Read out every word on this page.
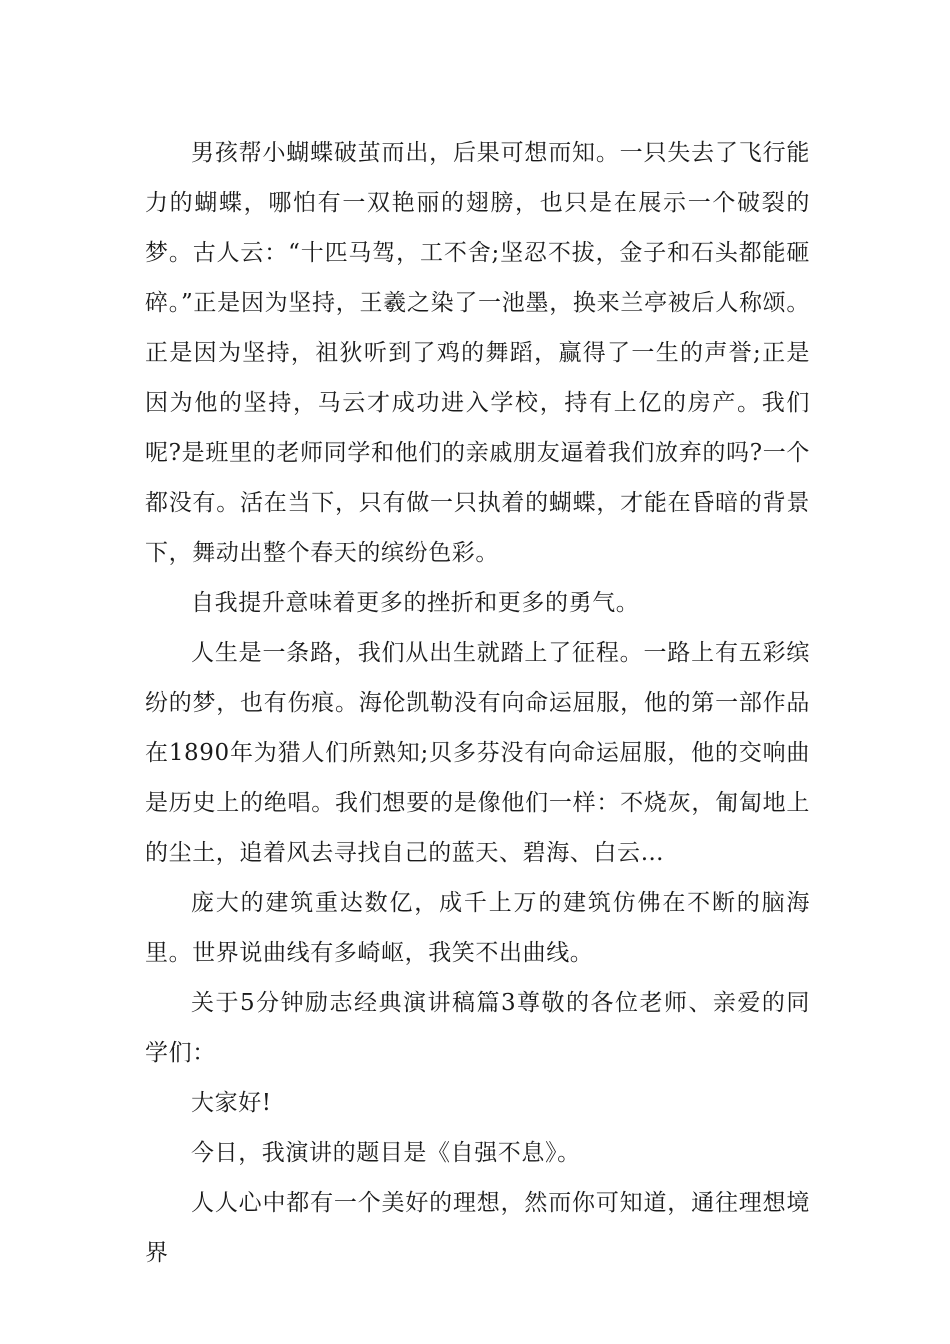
男孩帮小蝴蝶破茧而出，后果可想而知。一只失去了飞行能力的蝴蝶，哪怕有一双艳丽的翅膀，也只是在展示一个破裂的梦。古人云：“十匹马驾，工不舍;坚忍不拔，金子和石头都能砸碎。”正是因为坚持，王羲之染了一池墨，换来兰亭被后人称颂。正是因为坚持，祖狄听到了鸡的舞蹈，赢得了一生的声誉;正是因为他的坚持，马云才成功进入学校，持有上亿的房产。我们呢?是班里的老师同学和他们的亲戚朋友逼着我们放弃的吗?一个都没有。活在当下，只有做一只执着的蝴蝶，才能在昏暗的背景下，舞动出整个春天的缤纷色彩。

自我提升意味着更多的挫折和更多的勇气。

人生是一条路，我们从出生就踏上了征程。一路上有五彩缤纷的梦，也有伤痕。海伦凯勒没有向命运屈服，他的第一部作品在1890年为猎人们所熟知;贝多芬没有向命运屈服，他的交响曲是历史上的绝唱。我们想要的是像他们一样：不烧灰，匍匐地上的尘土，追着风去寻找自己的蓝天、碧海、白云…

庞大的建筑重达数亿，成千上万的建筑仿佛在不断的脑海里。世界说曲线有多崎岖，我笑不出曲线。

关于5分钟励志经典演讲稿篇3尊敬的各位老师、亲爱的同学们：

大家好!

今日，我演讲的题目是《自强不息》。

人人心中都有一个美好的理想，然而你可知道，通往理想境界
